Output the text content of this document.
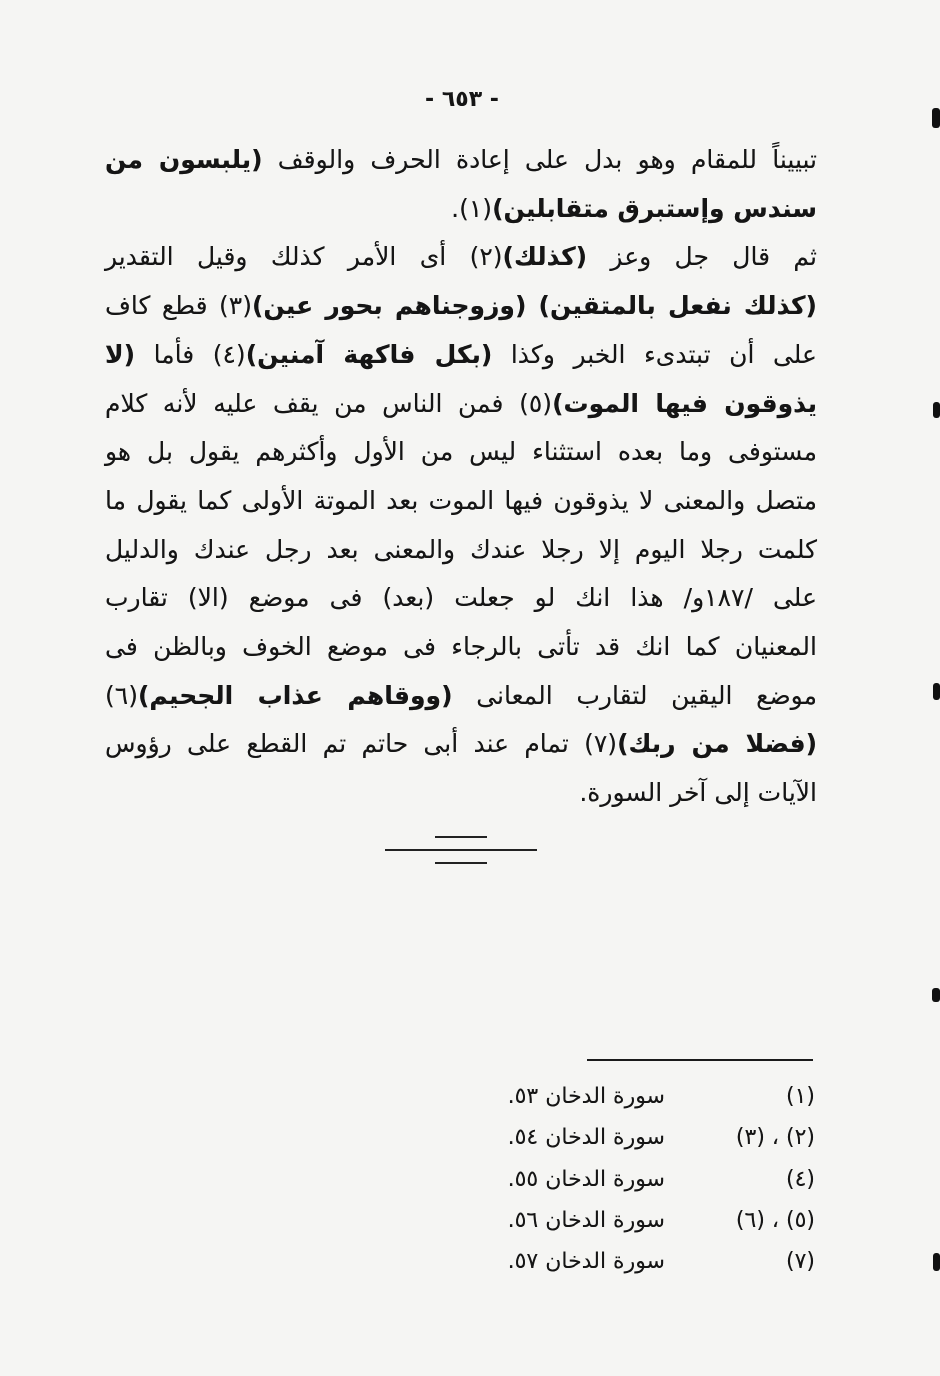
- ٦٥٣ -
تبييناً للمقام وهو بدل على إعادة الحرف والوقف (يلبسون من
سندس وإستبرق متقابلين)(١).
ثم قال جل وعز (كذلك)(٢) أى الأمر كذلك وقيل التقدير
(كذلك نفعل بالمتقين) (وزوجناهم بحور عين)(٣) قطع كاف
على أن تبتدىء الخبر وكذا (بكل فاكهة آمنين)(٤) فأما (لا
يذوقون فيها الموت)(٥) فمن الناس من يقف عليه لأنه كلام
مستوفى وما بعده استثناء ليس من الأول وأكثرهم يقول بل هو
متصل والمعنى لا يذوقون فيها الموت بعد الموتة الأولى كما يقول ما
كلمت رجلا اليوم إلا رجلا عندك والمعنى بعد رجل عندك والدليل
على /١٨٧و/ هذا انك لو جعلت (بعد) فى موضع (الا) تقارب
المعنيان كما انك قد تأتى بالرجاء فى موضع الخوف وبالظن فى
موضع اليقين لتقارب المعانى (ووقاهم عذاب الجحيم)(٦)
(فضلا من ربك)(٧) تمام عند أبى حاتم تم القطع على رؤوس
الآيات إلى آخر السورة.
(١)
سورة الدخان ٥٣.
(٢) ، (٣)
سورة الدخان ٥٤.
(٤)
سورة الدخان ٥٥.
(٥) ، (٦)
سورة الدخان ٥٦.
(٧)
سورة الدخان ٥٧.
